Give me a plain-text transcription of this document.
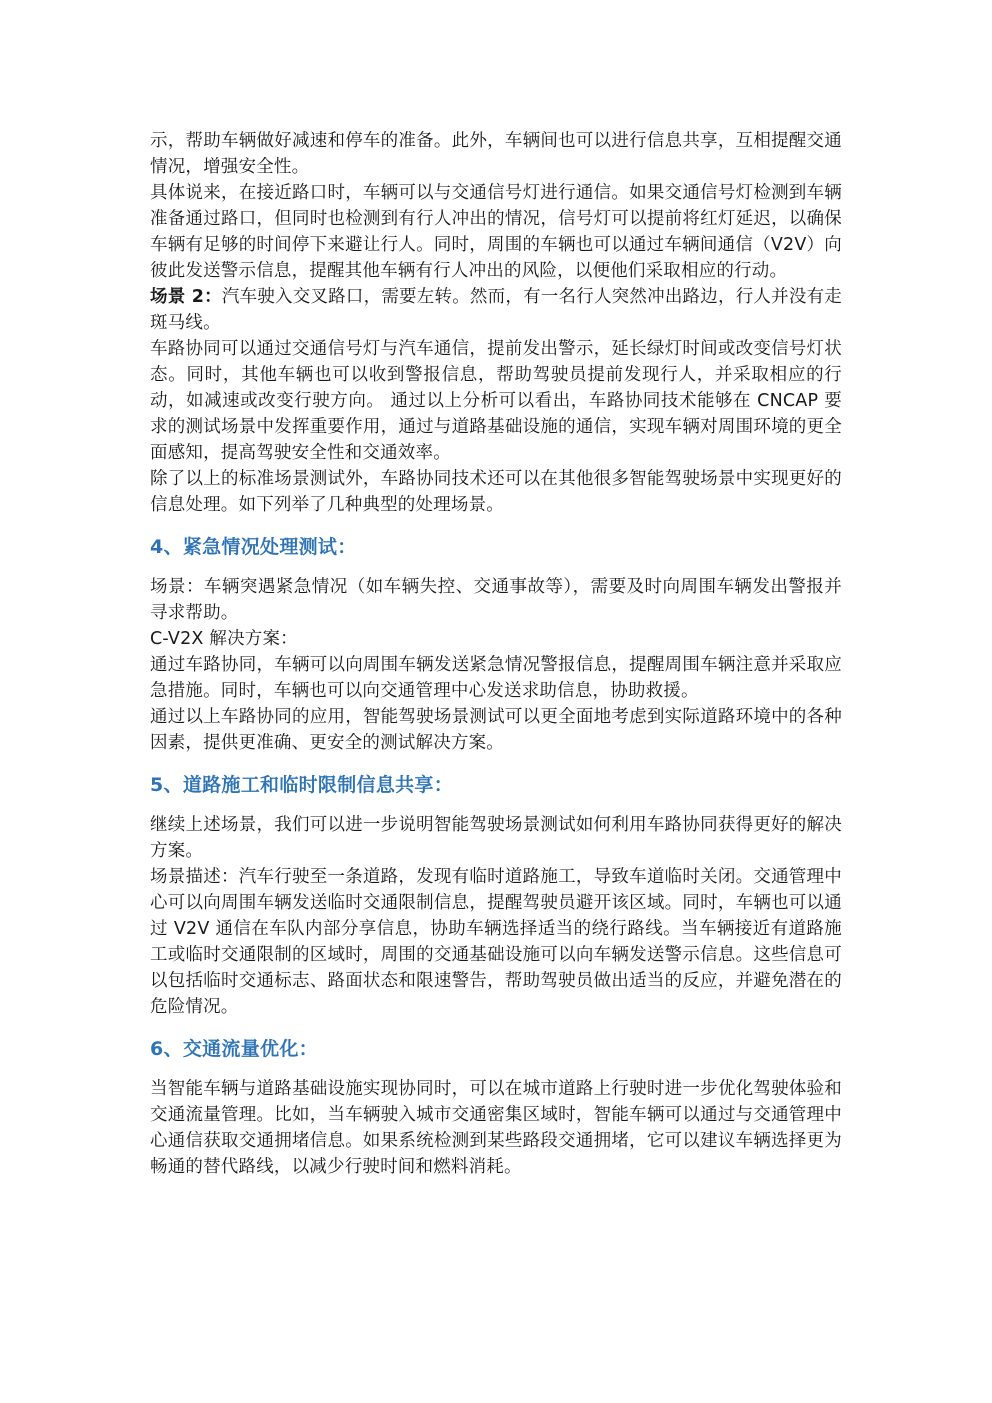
示，帮助车辆做好减速和停车的准备。此外，车辆间也可以进行信息共享，互相提醒交通情况，增强安全性。

具体说来，在接近路口时，车辆可以与交通信号灯进行通信。如果交通信号灯检测到车辆准备通过路口，但同时也检测到有行人冲出的情况，信号灯可以提前将红灯延迟，以确保车辆有足够的时间停下来避让行人。同时，周围的车辆也可以通过车辆间通信（V2V）向彼此发送警示信息，提醒其他车辆有行人冲出的风险，以便他们采取相应的行动。

场景 2：汽车驶入交叉路口，需要左转。然而，有一名行人突然冲出路边，行人并没有走斑马线。

车路协同可以通过交通信号灯与汽车通信，提前发出警示，延长绿灯时间或改变信号灯状态。同时，其他车辆也可以收到警报信息，帮助驾驶员提前发现行人，并采取相应的行动，如减速或改变行驶方向。 通过以上分析可以看出，车路协同技术能够在 CNCAP 要求的测试场景中发挥重要作用，通过与道路基础设施的通信，实现车辆对周围环境的更全面感知，提高驾驶安全性和交通效率。

除了以上的标准场景测试外，车路协同技术还可以在其他很多智能驾驶场景中实现更好的信息处理。如下列举了几种典型的处理场景。

4、紧急情况处理测试：

场景：车辆突遇紧急情况（如车辆失控、交通事故等），需要及时向周围车辆发出警报并寻求帮助。

C-V2X 解决方案：

通过车路协同，车辆可以向周围车辆发送紧急情况警报信息，提醒周围车辆注意并采取应急措施。同时，车辆也可以向交通管理中心发送求助信息，协助救援。

通过以上车路协同的应用，智能驾驶场景测试可以更全面地考虑到实际道路环境中的各种因素，提供更准确、更安全的测试解决方案。

5、道路施工和临时限制信息共享：

继续上述场景，我们可以进一步说明智能驾驶场景测试如何利用车路协同获得更好的解决方案。

场景描述：汽车行驶至一条道路，发现有临时道路施工，导致车道临时关闭。交通管理中心可以向周围车辆发送临时交通限制信息，提醒驾驶员避开该区域。同时，车辆也可以通过 V2V 通信在车队内部分享信息，协助车辆选择适当的绕行路线。当车辆接近有道路施工或临时交通限制的区域时，周围的交通基础设施可以向车辆发送警示信息。这些信息可以包括临时交通标志、路面状态和限速警告，帮助驾驶员做出适当的反应，并避免潜在的危险情况。

6、交通流量优化：

当智能车辆与道路基础设施实现协同时，可以在城市道路上行驶时进一步优化驾驶体验和交通流量管理。比如，当车辆驶入城市交通密集区域时，智能车辆可以通过与交通管理中心通信获取交通拥堵信息。如果系统检测到某些路段交通拥堵，它可以建议车辆选择更为畅通的替代路线，以减少行驶时间和燃料消耗。
